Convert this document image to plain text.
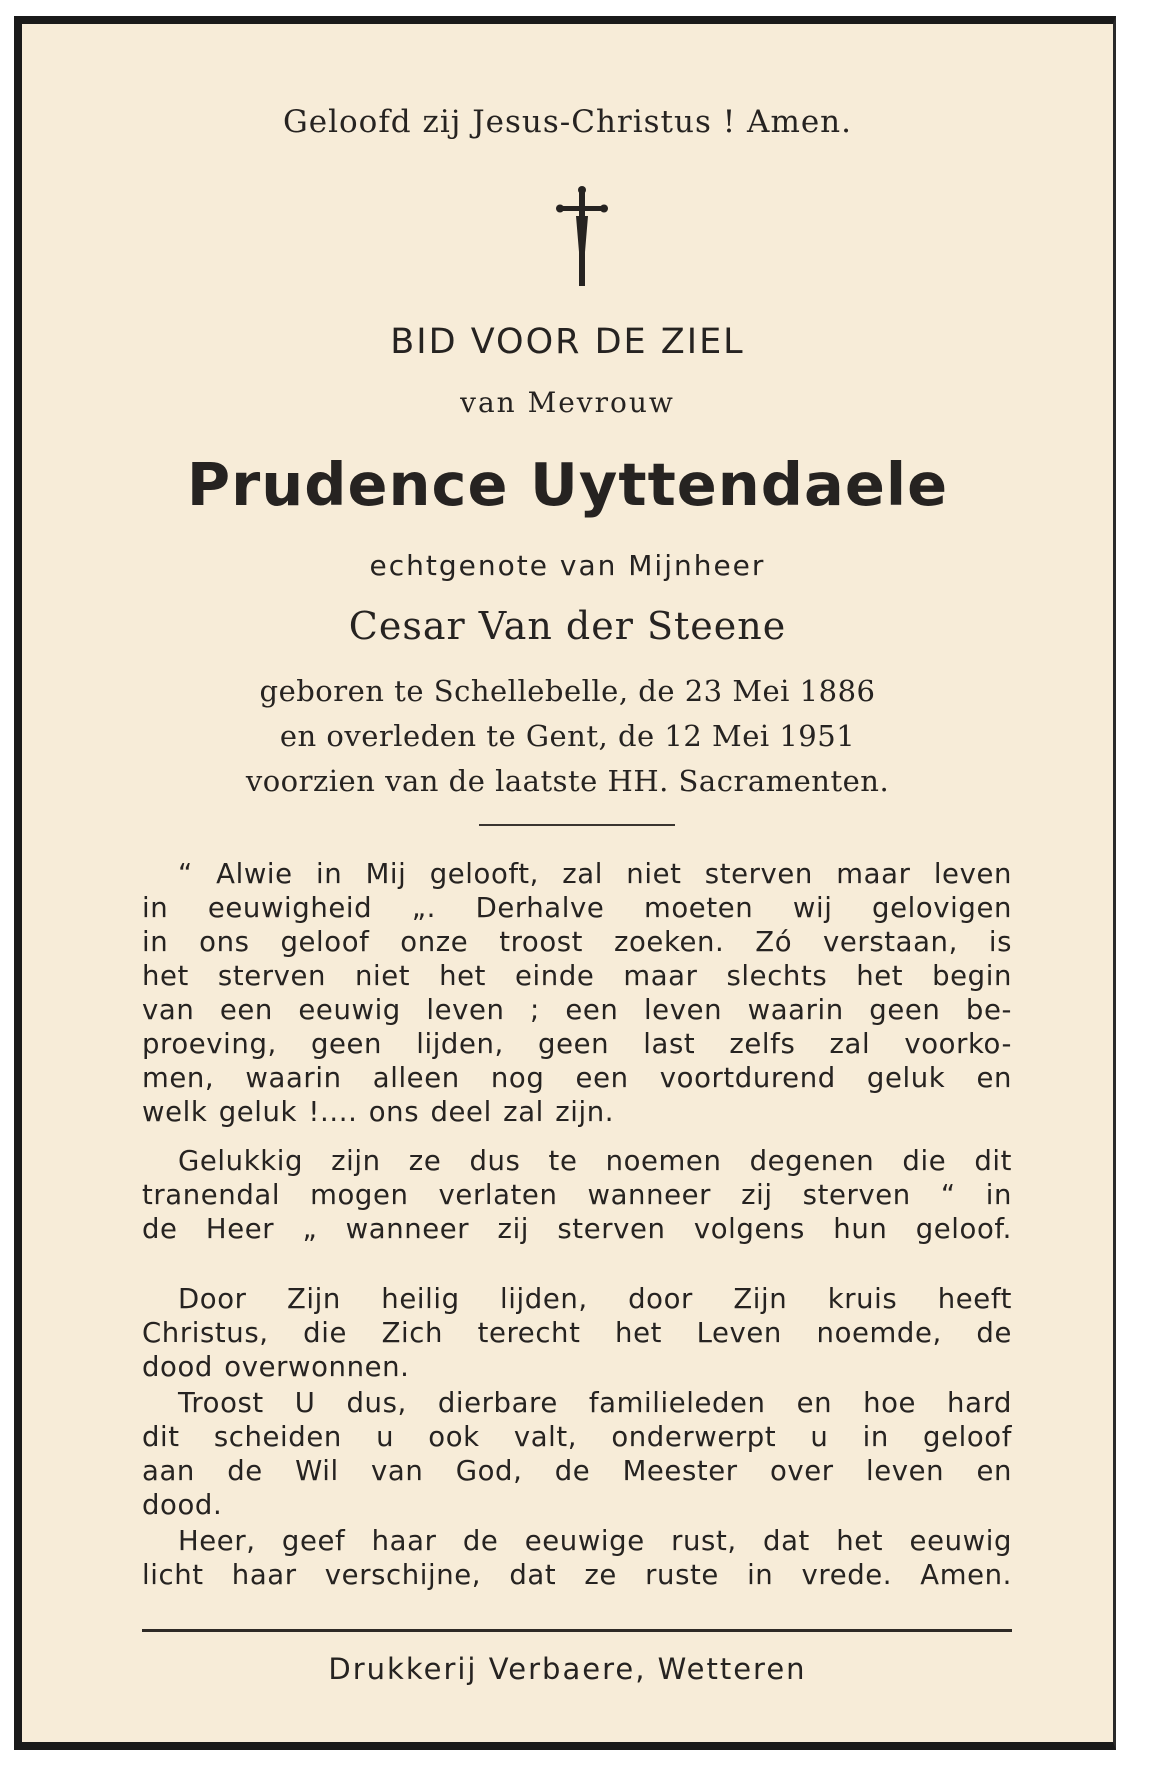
Geloofd zij Jesus-Christus ! Amen.
BID VOOR DE ZIEL
van Mevrouw
Prudence Uyttendaele
echtgenote van Mijnheer
Cesar Van der Steene
geboren te Schellebelle, de 23 Mei 1886
en overleden te Gent, de 12 Mei 1951
voorzien van de laatste HH. Sacramenten.
“ Alwie in Mij gelooft, zal niet sterven maar leven
in eeuwigheid „. Derhalve moeten wij gelovigen
in ons geloof onze troost zoeken. Zó verstaan, is
het sterven niet het einde maar slechts het begin
van een eeuwig leven ; een leven waarin geen be-
proeving, geen lijden, geen last zelfs zal voorko-
men, waarin alleen nog een voortdurend geluk en
welk geluk !.... ons deel zal zijn.
Gelukkig zijn ze dus te noemen degenen die dit
tranendal mogen verlaten wanneer zij sterven “ in
de Heer „ wanneer zij sterven volgens hun geloof.
Door Zijn heilig lijden, door Zijn kruis heeft
Christus, die Zich terecht het Leven noemde, de
dood overwonnen.
Troost U dus, dierbare familieleden en hoe hard
dit scheiden u ook valt, onderwerpt u in geloof
aan de Wil van God, de Meester over leven en
dood.
Heer, geef haar de eeuwige rust, dat het eeuwig
licht haar verschijne, dat ze ruste in vrede. Amen.
Drukkerij Verbaere, Wetteren
